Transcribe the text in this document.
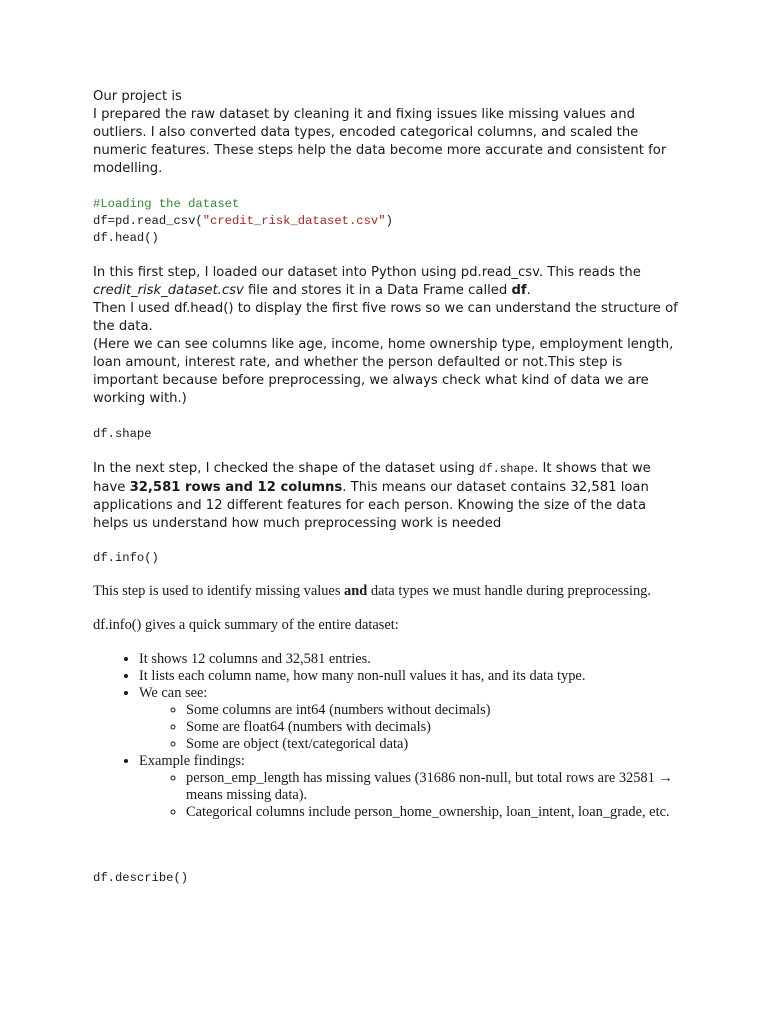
Our project is
I prepared the raw dataset by cleaning it and fixing issues like missing values and outliers. I also converted data types, encoded categorical columns, and scaled the numeric features. These steps help the data become more accurate and consistent for modelling.
#Loading the dataset
df=pd.read_csv("credit_risk_dataset.csv")
df.head()
In this first step, I loaded our dataset into Python using pd.read_csv. This reads the credit_risk_dataset.csv file and stores it in a Data Frame called df.
Then I used df.head() to display the first five rows so we can understand the structure of the data.
(Here we can see columns like age, income, home ownership type, employment length, loan amount, interest rate, and whether the person defaulted or not.This step is important because before preprocessing, we always check what kind of data we are working with.)
df.shape
In the next step, I checked the shape of the dataset using df.shape. It shows that we have 32,581 rows and 12 columns. This means our dataset contains 32,581 loan applications and 12 different features for each person. Knowing the size of the data helps us understand how much preprocessing work is needed
df.info()
This step is used to identify missing values and data types we must handle during preprocessing.
df.info() gives a quick summary of the entire dataset:
• It shows 12 columns and 32,581 entries.
• It lists each column name, how many non-null values it has, and its data type.
• We can see:
◦ Some columns are int64 (numbers without decimals)
◦ Some are float64 (numbers with decimals)
◦ Some are object (text/categorical data)
• Example findings:
◦ person_emp_length has missing values (31686 non-null, but total rows are 32581 → means missing data).
◦ Categorical columns include person_home_ownership, loan_intent, loan_grade, etc.
df.describe()
